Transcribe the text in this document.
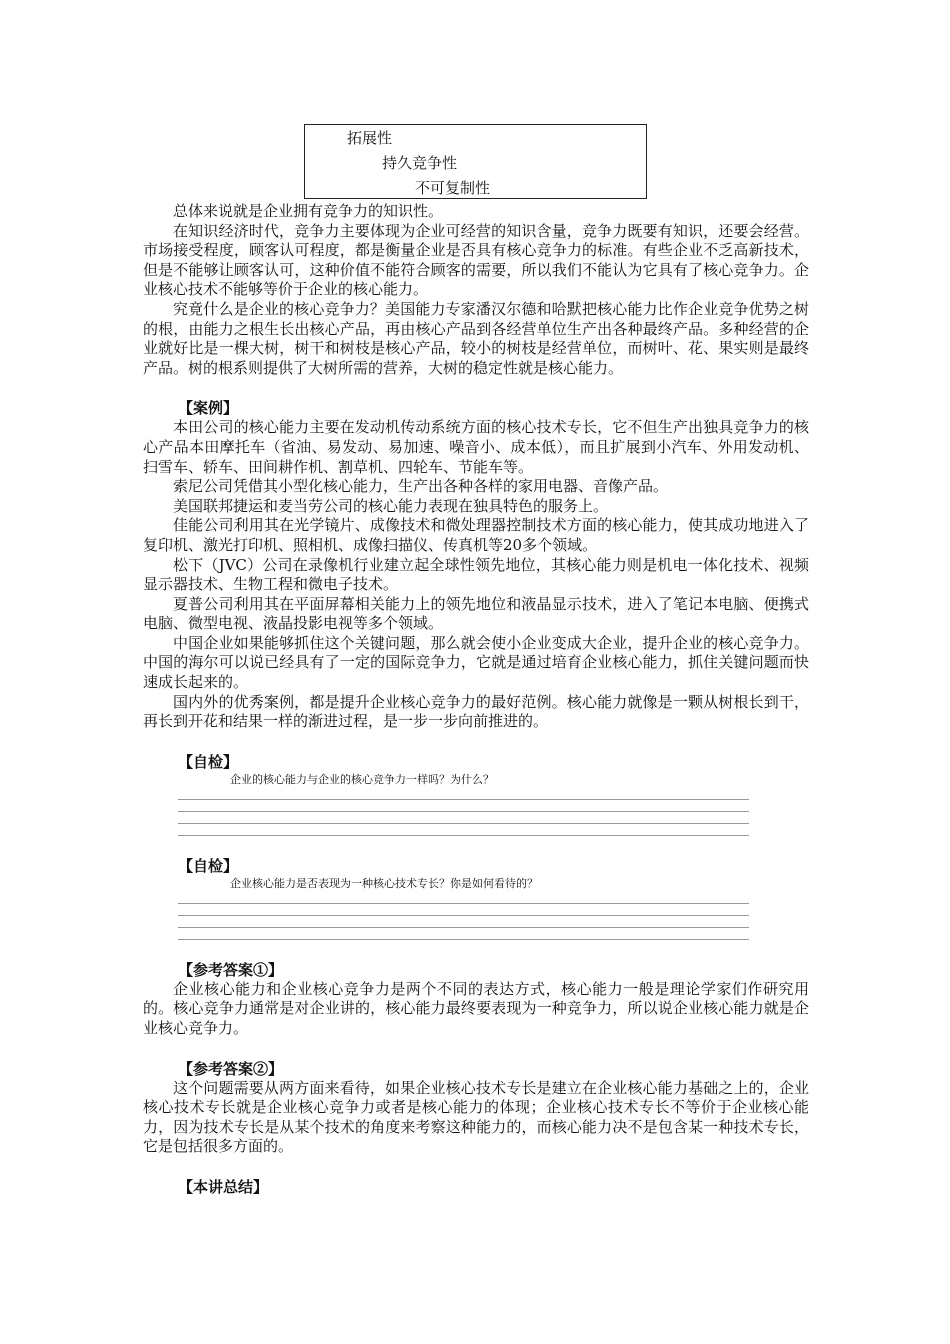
拓展性
持久竞争性
不可复制性

总体来说就是企业拥有竞争力的知识性。

在知识经济时代，竞争力主要体现为企业可经营的知识含量，竞争力既要有知识，还要会经营。市场接受程度，顾客认可程度，都是衡量企业是否具有核心竞争力的标准。有些企业不乏高新技术，但是不能够让顾客认可，这种价值不能符合顾客的需要，所以我们不能认为它具有了核心竞争力。企业核心技术不能够等价于企业的核心能力。

究竟什么是企业的核心竞争力？美国能力专家潘汉尔德和哈默把核心能力比作企业竞争优势之树的根，由能力之根生长出核心产品，再由核心产品到各经营单位生产出各种最终产品。多种经营的企业就好比是一棵大树，树干和树枝是核心产品，较小的树枝是经营单位，而树叶、花、果实则是最终产品。树的根系则提供了大树所需的营养，大树的稳定性就是核心能力。

【案例】

本田公司的核心能力主要在发动机传动系统方面的核心技术专长，它不但生产出独具竞争力的核心产品本田摩托车（省油、易发动、易加速、噪音小、成本低），而且扩展到小汽车、外用发动机、扫雪车、轿车、田间耕作机、割草机、四轮车、节能车等。

索尼公司凭借其小型化核心能力，生产出各种各样的家用电器、音像产品。

美国联邦捷运和麦当劳公司的核心能力表现在独具特色的服务上。

佳能公司利用其在光学镜片、成像技术和微处理器控制技术方面的核心能力，使其成功地进入了复印机、激光打印机、照相机、成像扫描仪、传真机等20多个领域。

松下（JVC）公司在录像机行业建立起全球性领先地位，其核心能力则是机电一体化技术、视频显示器技术、生物工程和微电子技术。

夏普公司利用其在平面屏幕相关能力上的领先地位和液晶显示技术，进入了笔记本电脑、便携式电脑、微型电视、液晶投影电视等多个领域。

中国企业如果能够抓住这个关键问题，那么就会使小企业变成大企业，提升企业的核心竞争力。中国的海尔可以说已经具有了一定的国际竞争力，它就是通过培育企业核心能力，抓住关键问题而快速成长起来的。

国内外的优秀案例，都是提升企业核心竞争力的最好范例。核心能力就像是一颗从树根长到干，再长到开花和结果一样的渐进过程，是一步一步向前推进的。

【自检】
企业的核心能力与企业的核心竞争力一样吗？为什么？
【自检】
企业核心能力是否表现为一种核心技术专长？你是如何看待的？
【参考答案①】

企业核心能力和企业核心竞争力是两个不同的表达方式，核心能力一般是理论学家们作研究用的。核心竞争力通常是对企业讲的，核心能力最终要表现为一种竞争力，所以说企业核心能力就是企业核心竞争力。

【参考答案②】

这个问题需要从两方面来看待，如果企业核心技术专长是建立在企业核心能力基础之上的，企业核心技术专长就是企业核心竞争力或者是核心能力的体现；企业核心技术专长不等价于企业核心能力，因为技术专长是从某个技术的角度来考察这种能力的，而核心能力决不是包含某一种技术专长，它是包括很多方面的。

【本讲总结】
